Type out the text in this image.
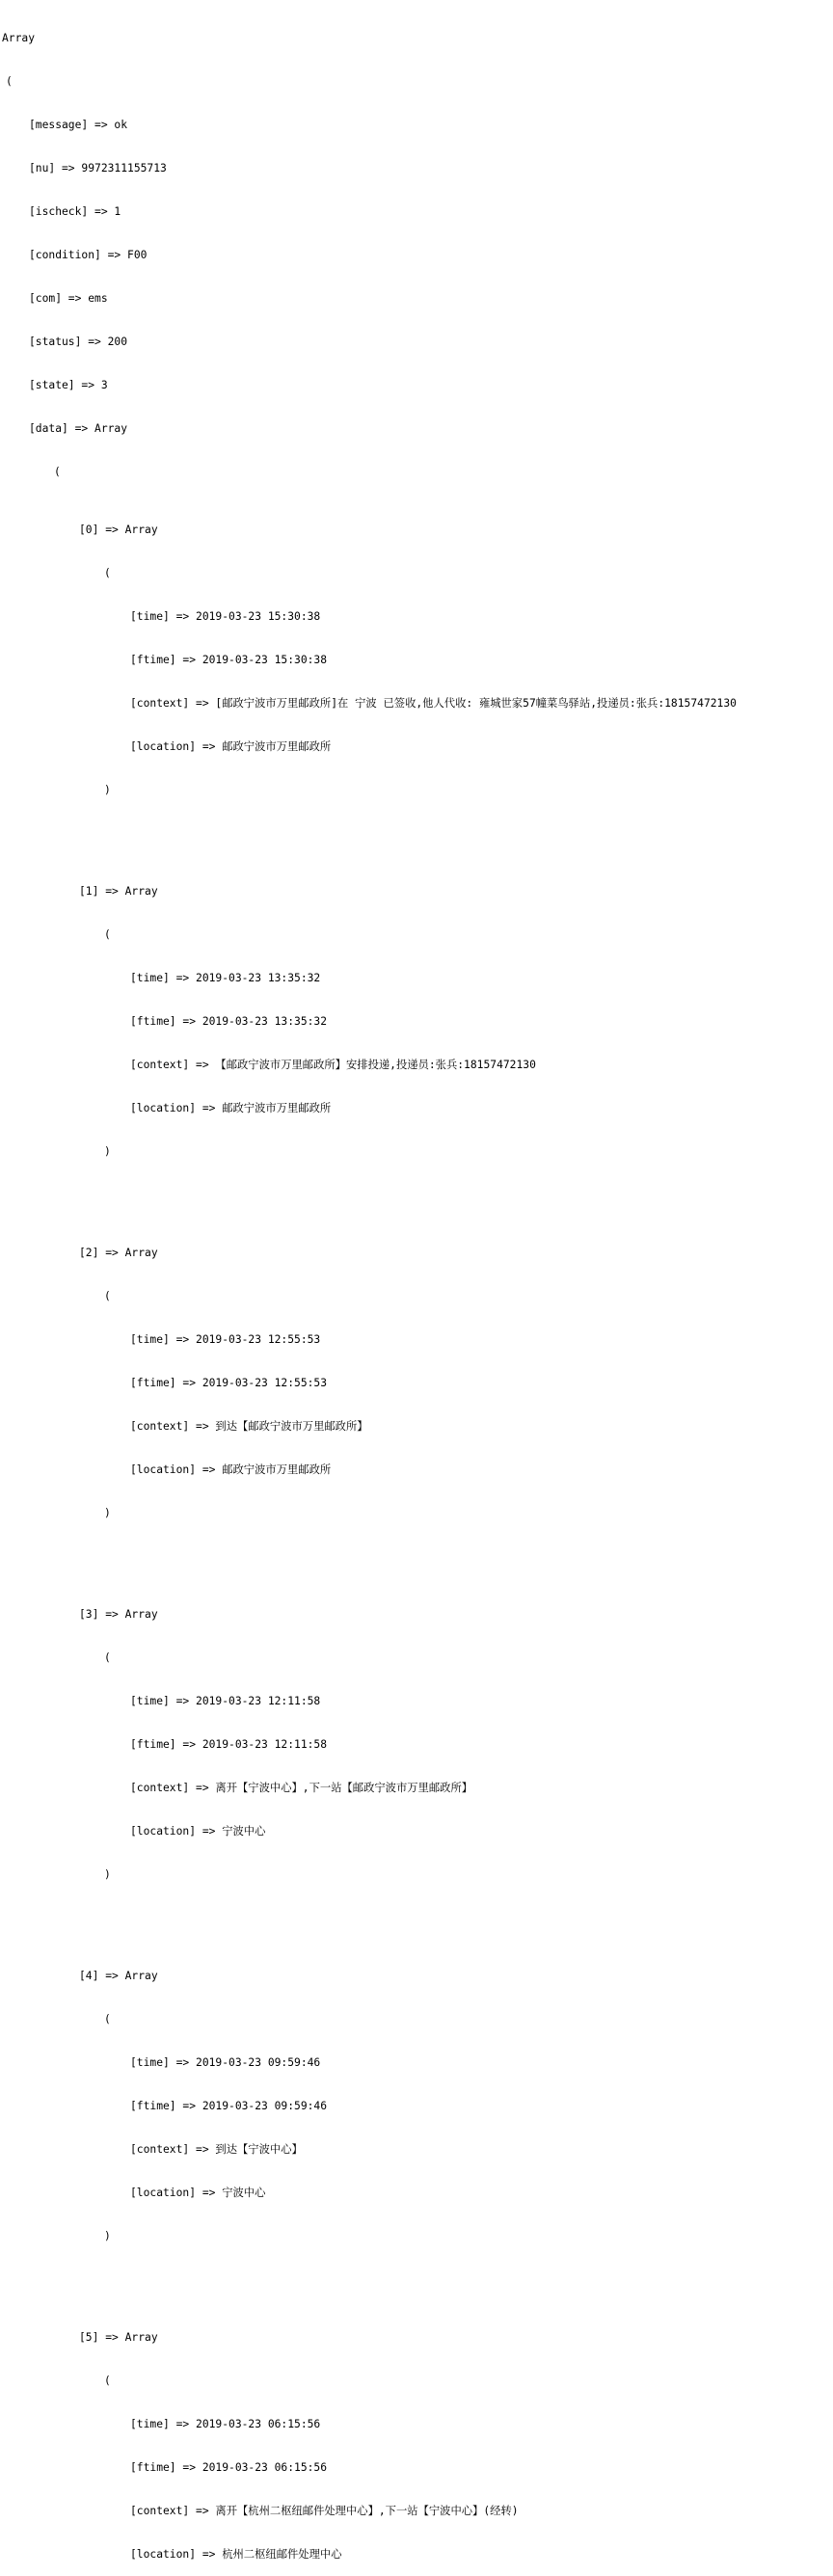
Array

(

[message] => ok

[nu] => 9972311155713

[ischeck] => 1

[condition] => F00

[com] => ems

[status] => 200

[state] => 3

[data] => Array

(

[0] => Array

(

[time] => 2019-03-23 15:30:38

[ftime] => 2019-03-23 15:30:38

[context] => [邮政宁波市万里邮政所]在 宁波 已签收,他人代收: 雍城世家57幢菜鸟驿站,投递员:张兵:18157472130

[location] => 邮政宁波市万里邮政所

)

[1] => Array

(

[time] => 2019-03-23 13:35:32

[ftime] => 2019-03-23 13:35:32

[context] => 【邮政宁波市万里邮政所】安排投递,投递员:张兵:18157472130

[location] => 邮政宁波市万里邮政所

)

[2] => Array

(

[time] => 2019-03-23 12:55:53

[ftime] => 2019-03-23 12:55:53

[context] => 到达【邮政宁波市万里邮政所】

[location] => 邮政宁波市万里邮政所

)

[3] => Array

(

[time] => 2019-03-23 12:11:58

[ftime] => 2019-03-23 12:11:58

[context] => 离开【宁波中心】,下一站【邮政宁波市万里邮政所】

[location] => 宁波中心

)

[4] => Array

(

[time] => 2019-03-23 09:59:46

[ftime] => 2019-03-23 09:59:46

[context] => 到达【宁波中心】

[location] => 宁波中心

)

[5] => Array

(

[time] => 2019-03-23 06:15:56

[ftime] => 2019-03-23 06:15:56

[context] => 离开【杭州二枢纽邮件处理中心】,下一站【宁波中心】(经转)

[location] => 杭州二枢纽邮件处理中心
